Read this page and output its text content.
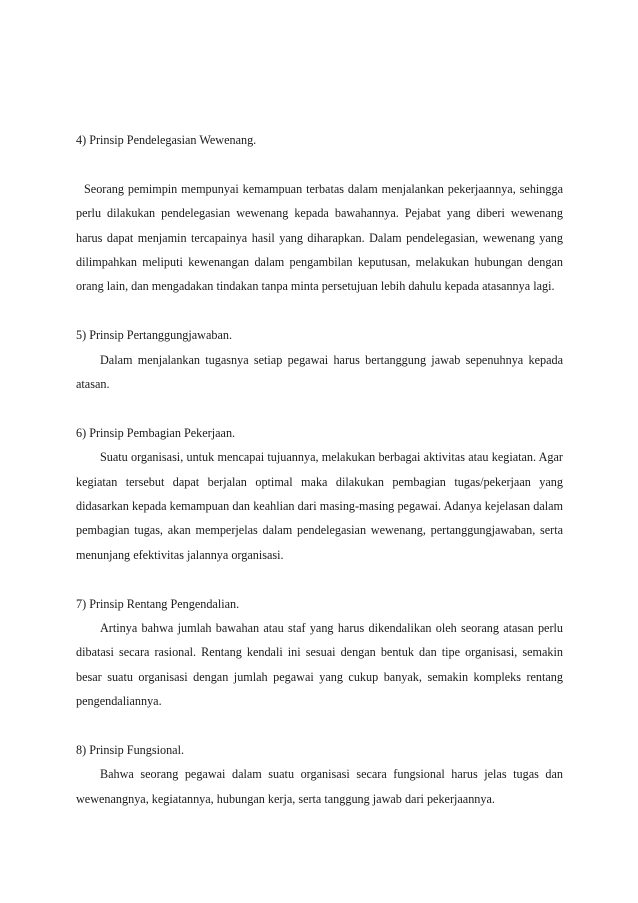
4) Prinsip Pendelegasian Wewenang.

Seorang pemimpin mempunyai kemampuan terbatas dalam menjalankan pekerjaannya, sehingga perlu dilakukan pendelegasian wewenang kepada bawahannya. Pejabat yang diberi wewenang harus dapat menjamin tercapainya hasil yang diharapkan. Dalam pendelegasian, wewenang yang dilimpahkan meliputi kewenangan dalam pengambilan keputusan, melakukan hubungan dengan orang lain, dan mengadakan tindakan tanpa minta persetujuan lebih dahulu kepada atasannya lagi.

5) Prinsip Pertanggungjawaban.

Dalam menjalankan tugasnya setiap pegawai harus bertanggung jawab sepenuhnya kepada atasan.

6) Prinsip Pembagian Pekerjaan.

Suatu organisasi, untuk mencapai tujuannya, melakukan berbagai aktivitas atau kegiatan. Agar kegiatan tersebut dapat berjalan optimal maka dilakukan pembagian tugas/pekerjaan yang didasarkan kepada kemampuan dan keahlian dari masing-masing pegawai. Adanya kejelasan dalam pembagian tugas, akan memperjelas dalam pendelegasian wewenang, pertanggungjawaban, serta menunjang efektivitas jalannya organisasi.

7) Prinsip Rentang Pengendalian.

Artinya bahwa jumlah bawahan atau staf yang harus dikendalikan oleh seorang atasan perlu dibatasi secara rasional. Rentang kendali ini sesuai dengan bentuk dan tipe organisasi, semakin besar suatu organisasi dengan jumlah pegawai yang cukup banyak, semakin kompleks rentang pengendaliannya.

8) Prinsip Fungsional.

Bahwa seorang pegawai dalam suatu organisasi secara fungsional harus jelas tugas dan wewenangnya, kegiatannya, hubungan kerja, serta tanggung jawab dari pekerjaannya.
